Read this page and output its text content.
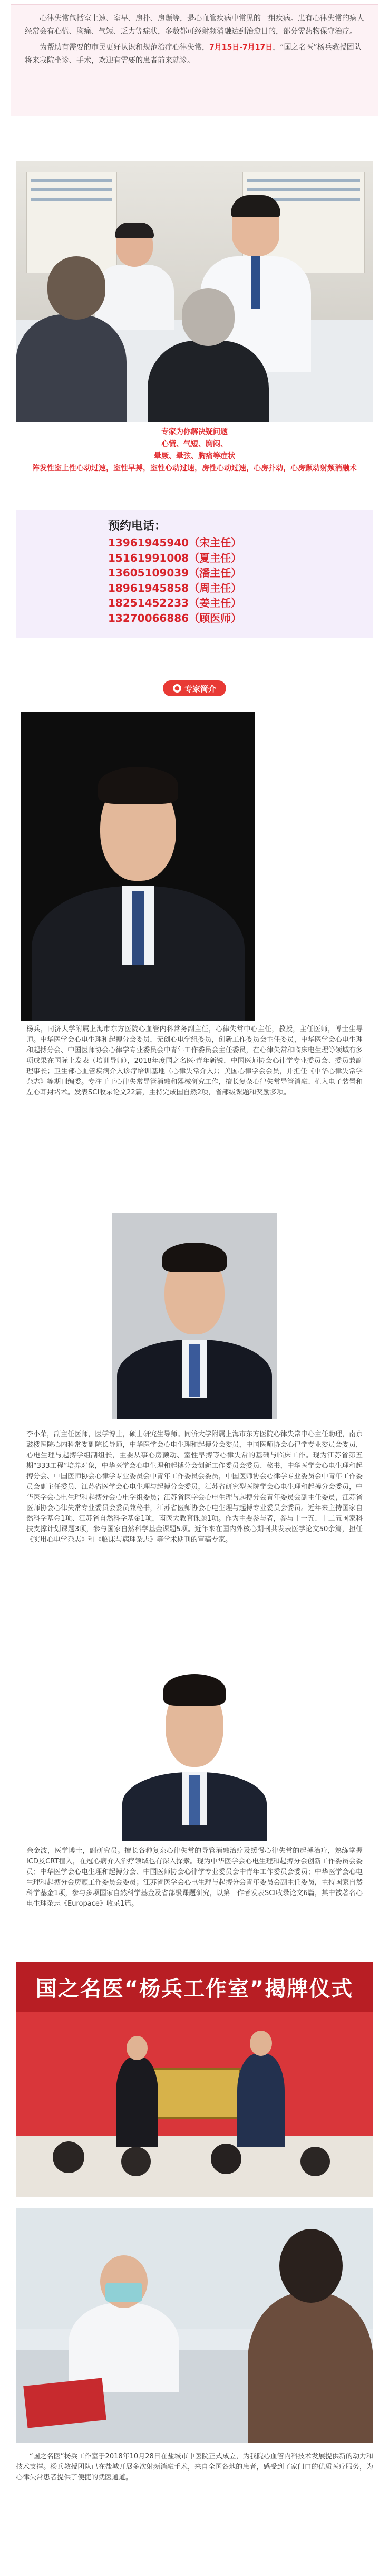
心律失常包括室上速、室早、房扑、房颤等，是心血管疾病中常见的一组疾病。患有心律失常的病人经常会有心慌、胸痛、气短、乏力等症状，多数都可经射频消融达到治愈目的，部分需药物保守治疗。

为帮助有需要的市民更好认识和规范治疗心律失常，7月15日-7月17日，“国之名医”杨兵教授团队将来我院坐诊、手术，欢迎有需要的患者前来就诊。

专家为你解决疑问题
心慌、气短、胸闷、
晕厥、晕弦、胸痛等症状
阵发性室上性心动过速，室性早搏，室性心动过速，房性心动过速，心房扑动，心房颤动射频消融术
预约电话：
13961945940（宋主任）
15161991008（夏主任）
13605109039（潘主任）
18961945858（周主任）
18251452233（姜主任）
13270066886（顾医师）
● 专家简介

杨兵，同济大学附属上海市东方医院心血管内科常务副主任，心律失常中心主任，教授，主任医师，博士生导师。中华医学会心电生理和起搏分会委员，无创心电学组委员，创新工作委员会主任委员，中华医学会心电生理和起搏分会、中国医师协会心律学专业委员会中青年工作委员会主任委员，在心律失常和临床电生理等领域有多项成果在国际上发表（培训导师），2018年度国之名医·青年新锐，中国医师协会心律学专业委员会、委员兼副理事长；卫生部心血管疾病介入诊疗培训基地（心律失常介入）；美国心律学会会员，并担任《中华心律失常学杂志》等期刊编委。专注于于心律失常导管消融和器械研究工作，擅长复杂心律失常导管消融、植入电子装置和左心耳封堵术。发表SCI收录论文22篇，主持完成国自然2项，省部级课题和奖励多项。

李小荣，副主任医师，医学博士，硕士研究生导师。同济大学附属上海市东方医院心律失常中心主任助理，南京鼓楼医院心内科常委副院长导师，中华医学会心电生理和起搏分会委员，中国医师协会心律学专业委员会委员，心电生理与起搏学组副组长，主要从事心房颤动、室性早搏等心律失常的基础与临床工作。现为江苏省第五期“333工程”培养对象，中华医学会心电生理和起搏分会创新工作委员会委员、秘书，中华医学会心电生理和起搏分会、中国医师协会心律学专业委员会中青年工作委员会委员，中国医师协会心律学专业委员会中青年工作委员会副主任委员、江苏省医学会心电生理与起搏分会委员，江苏省研究型医院学会心电生理和起搏分会委员，中华医学会心电生理和起搏分会心电学组委员；江苏省医学会心电生理与起搏分会青年委员会副主任委员，江苏省医师协会心律失常专业委员会委员兼秘书，江苏省医师协会心电生理与起搏专业委员会委员。近年来主持国家自然科学基金1项、江苏省自然科学基金1项，南医大教育课题1项。作为主要参与者，参与十一五、十二五国家科技支撑计划课题3项，参与国家自然科学基金课题5项。近年来在国内外核心期刊共发表医学论文50余篇，担任《实用心电学杂志》和《临床与病理杂志》等学术期刊的审稿专家。

余金波，医学博士，副研究员。擅长各种复杂心律失常的导管消融治疗及缓慢心律失常的起搏治疗，熟练掌握ICD及CRT植入，在冠心病介入治疗领域也有深入探索。现为中华医学会心电生理和起搏分会创新工作委员会委员；中华医学会心电生理和起搏分会、中国医师协会心律学专业委员会中青年工作委员会委员；中华医学会心电生理和起搏分会房颤工作委员会委员；江苏省医学会心电生理与起搏分会青年委员会副主任委员，主持国家自然科学基金1项，参与多项国家自然科学基金及省部级课题研究，以第一作者发表SCI收录论文6篇，其中被著名心电生理杂志《Europace》收录1篇。

国之名医“杨兵工作室”揭牌仪式

“国之名医”杨兵工作室于2018年10月28日在盐城市中医院正式成立，为我院心血管内科技术发展提供新的动力和技术支撑。杨兵教授团队已在盐城开展多次射频消融手术，来自全国各地的患者，感受到了家门口的优质医疗服务，为心律失常患者提供了便捷的就医通道。
